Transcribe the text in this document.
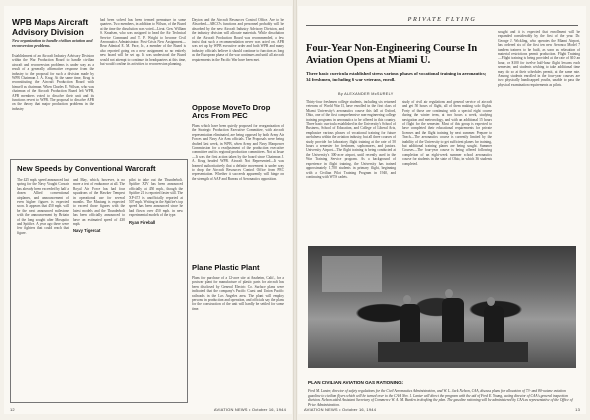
WPB Maps Aircraft Advisory Division
New organization to handle civilian aviation and reconversion problems.
Establishment of an Aircraft Industry Advisory Division within the War Production Board to handle civilian aircraft and reconversion problems is under way as a result of a generally affirmative response from the industry to the proposal for such a division made by WPB Chairman J. A. Krug. At the same time, Krug is reconstituting the Aircraft Production Board with himself as chairman. When Charles E. Wilson, who was chairman of the Aircraft Production Board left WPB, APB members voted to dissolve their unit and its functions revert to WPB. The proposal to dissolve APB on the theory that major production problems in the industry
had been solved has been termed premature in some quarters. Two members, in addition to Wilson, of the Board at the time the dissolution was voted—Lieut. Gen. William S. Knudsen, who was assigned to head the Air Technical Service Command and T. P. Wright to become Civil Aeronautics Administrator. Post-Crisis New Assignment—Rear Admiral E. M. Pace, Jr., a member of the Board is also reported going on a new assignment so no entirely new board will be set up. It was understood the Board would not attempt to continue its headquarters at this time, but would confine its activities to reconversion planning.
Dayton and the Aircraft Resources Control Office. Are to be Absorbed—ARCO's functions and personnel probably will be absorbed by the new Aircraft Industry Advisory Division, and the industry division will allocate materials. While dissolution of the Aircraft Production Board was recommended, a few insist that such a recommendation never was acted on. APB was set up by WPB executive order and both WPB and many industry officials believe it should continue to function as long as the European phase of the war continues and until all aircraft requirements in the Pacific War have been met.
Oppose MoveTo Drop Arcs From PEC
Plans which have been quietly proposed for reorganization of the Strategic Production Executive Committee, with aircraft representation eliminated, are being opposed by both Army Air Forces and Navy Air Arm officials. The Proposals were being drafted last week, in WPB, when Army and Navy Manpower Commission for a readjustment of the production executive committee and its regional production committees. Not at Issue—It was the first action taken by the board since Chairman J. A. Krug headed WPB. Aircraft Not Represented—It was learned authoritatively that a definite movement is under way to drop the Aircraft Resources Control Office from PEC representation. Whether it succeeds apparently will hinge on the strength of AAF and Bureau of Aeronautics opposition.
Plane Plastic Plant
Plans for purchase of a 12-acre site at Anaheim, Calif., for a postwar plant for manufacture of plastic parts for aircraft has been disclosed by General Electric Co. Surface plans were indicated that the company's Pacific Coast and Union Pacific railroads in the Los Angeles area. The plant will employ persons in production and operation, and officials say the plans for the construction of the unit will hardly be settled for some time.
New Speeds by Conventional Warcraft
The 425 mph. speed announced last spring for the Navy Vought Corsair has already been exceeded by half a dozen Allied conventional airplanes, and announcement of even higher figures is expected soon. It appears that 450 mph. will be the next announced milestone with the announcement by Britain of the long sought after Mosquito and Spitfire. A year ago there were few fighters that could reach that figure.
and May, which, however, is no more a test of endurance at all. The Royal Air Force has had four squadrons of the Hawker Tempest in operational use for several months. The Mustang is expected to exceed those figures with the latest models and the Thunderbolt has been officially announced to have an estimated speed of 430 mph.
Navy Tigercat
pilot to take out the Thunderbolt. Spitfire XIV has been announced officially at 450 mph., though the Spitfire 21 is reported faster still. The XP-47J is unofficially reported at 507 mph. Writing in the Spitfire's top speed has been announced since he had flown over 450 mph. in new experimental models of the type.
Ryan Fireball
12	AVIATION NEWS • October 16, 1944
PRIVATE FLYING
Four-Year Non-Engineering Course In Aviation Opens at Miami U.
Three basic curricula established stress various phases of vocational training in aeronautics; 34 freshmen, including 6 war veterans, enroll.
By ALEXANDER McSURELY
Thirty-four freshmen college students, including six returned veterans of World War II, have enrolled in the first class of Miami University's aeronautics course this fall at Oxford, Ohio, one of the first comprehensive non-engineering college training programs in aeronautics to be offered in this country. Three basic curricula established in the University's School of Business, School of Education, and College of Liberal Arts, emphasize various phases of vocational training for future usefulness within the aviation industry, but all three courses of study provide for laboratory flight training at the rate of 50 hours a semester for freshmen, sophomores, and juniors. University Airport—The flight training is being conducted at the University's 300-acre airport, until recently used in the War Training Service program. As a background of experience in flight training, the University has trained approximately 1,700 students in primary flight, beginning with a Civilian Pilot Training Program in 1940, and continuing with WTS cadets.
study of civil air regulations and general service of aircraft and get 50 hours of flight, all of them making solo flights. Forty of those are continuing with a special eight course during the winter term, at two hours a week, studying navigation and meteorology, and with an additional 15 hours of flight for the semester. Most of this group is expected to have completed their educational requirements for private licenses and the flight training by next summer. Prepare to Teach—The aeronautics course is currently limited by the inability of the University to get sufficient planes for training, but additional training planes are being sought. Summer Courses—The four-year course is being offered following completion of an eight-week summer school aeronautics course for students in the state of Ohio, in which 36 students completed.
sought and it is expected that enrollment will be expanded considerably by the first of the year. Dr. George J. Wickling, who operates the Miami Airport, has ordered six of the first ten new Aeronca Model 7 tandem trainers to be built, as soon as relaxation of material restrictions permit production. Flight Training—Flight training is being provided at the rate of $10 an hour, or $100 for twelve half-hour flight lessons each semester, and students wishing to take additional time may do so at their schedules permit, at the same rate. Among students enrolled in the four-year courses are two physically handicapped youths, unable to pass the physical examination requirements as pilots.
PLAN CIVILIAN AVIATION GAS RATIONING:
Fred M. Lanter, director of safety regulations for the Civil Aeronautics Administration, and W. L. Jack Nelson, CAA, discuss plans for allocation of 73- and 80-octane aviation gasoline to civilian flyers which will be turned over to the CAA Nov. 1. Lanter will direct the program with the aid of Fred E. Young, acting director of CAA's general inspection division. Nelson aided Assistant Secretary of Commerce W. A. M. Burden in drafting the plan. The gasoline rationing will be administered by CAA as representative of the Office of Price Administration.
AVIATION NEWS • October 16, 1944	13
